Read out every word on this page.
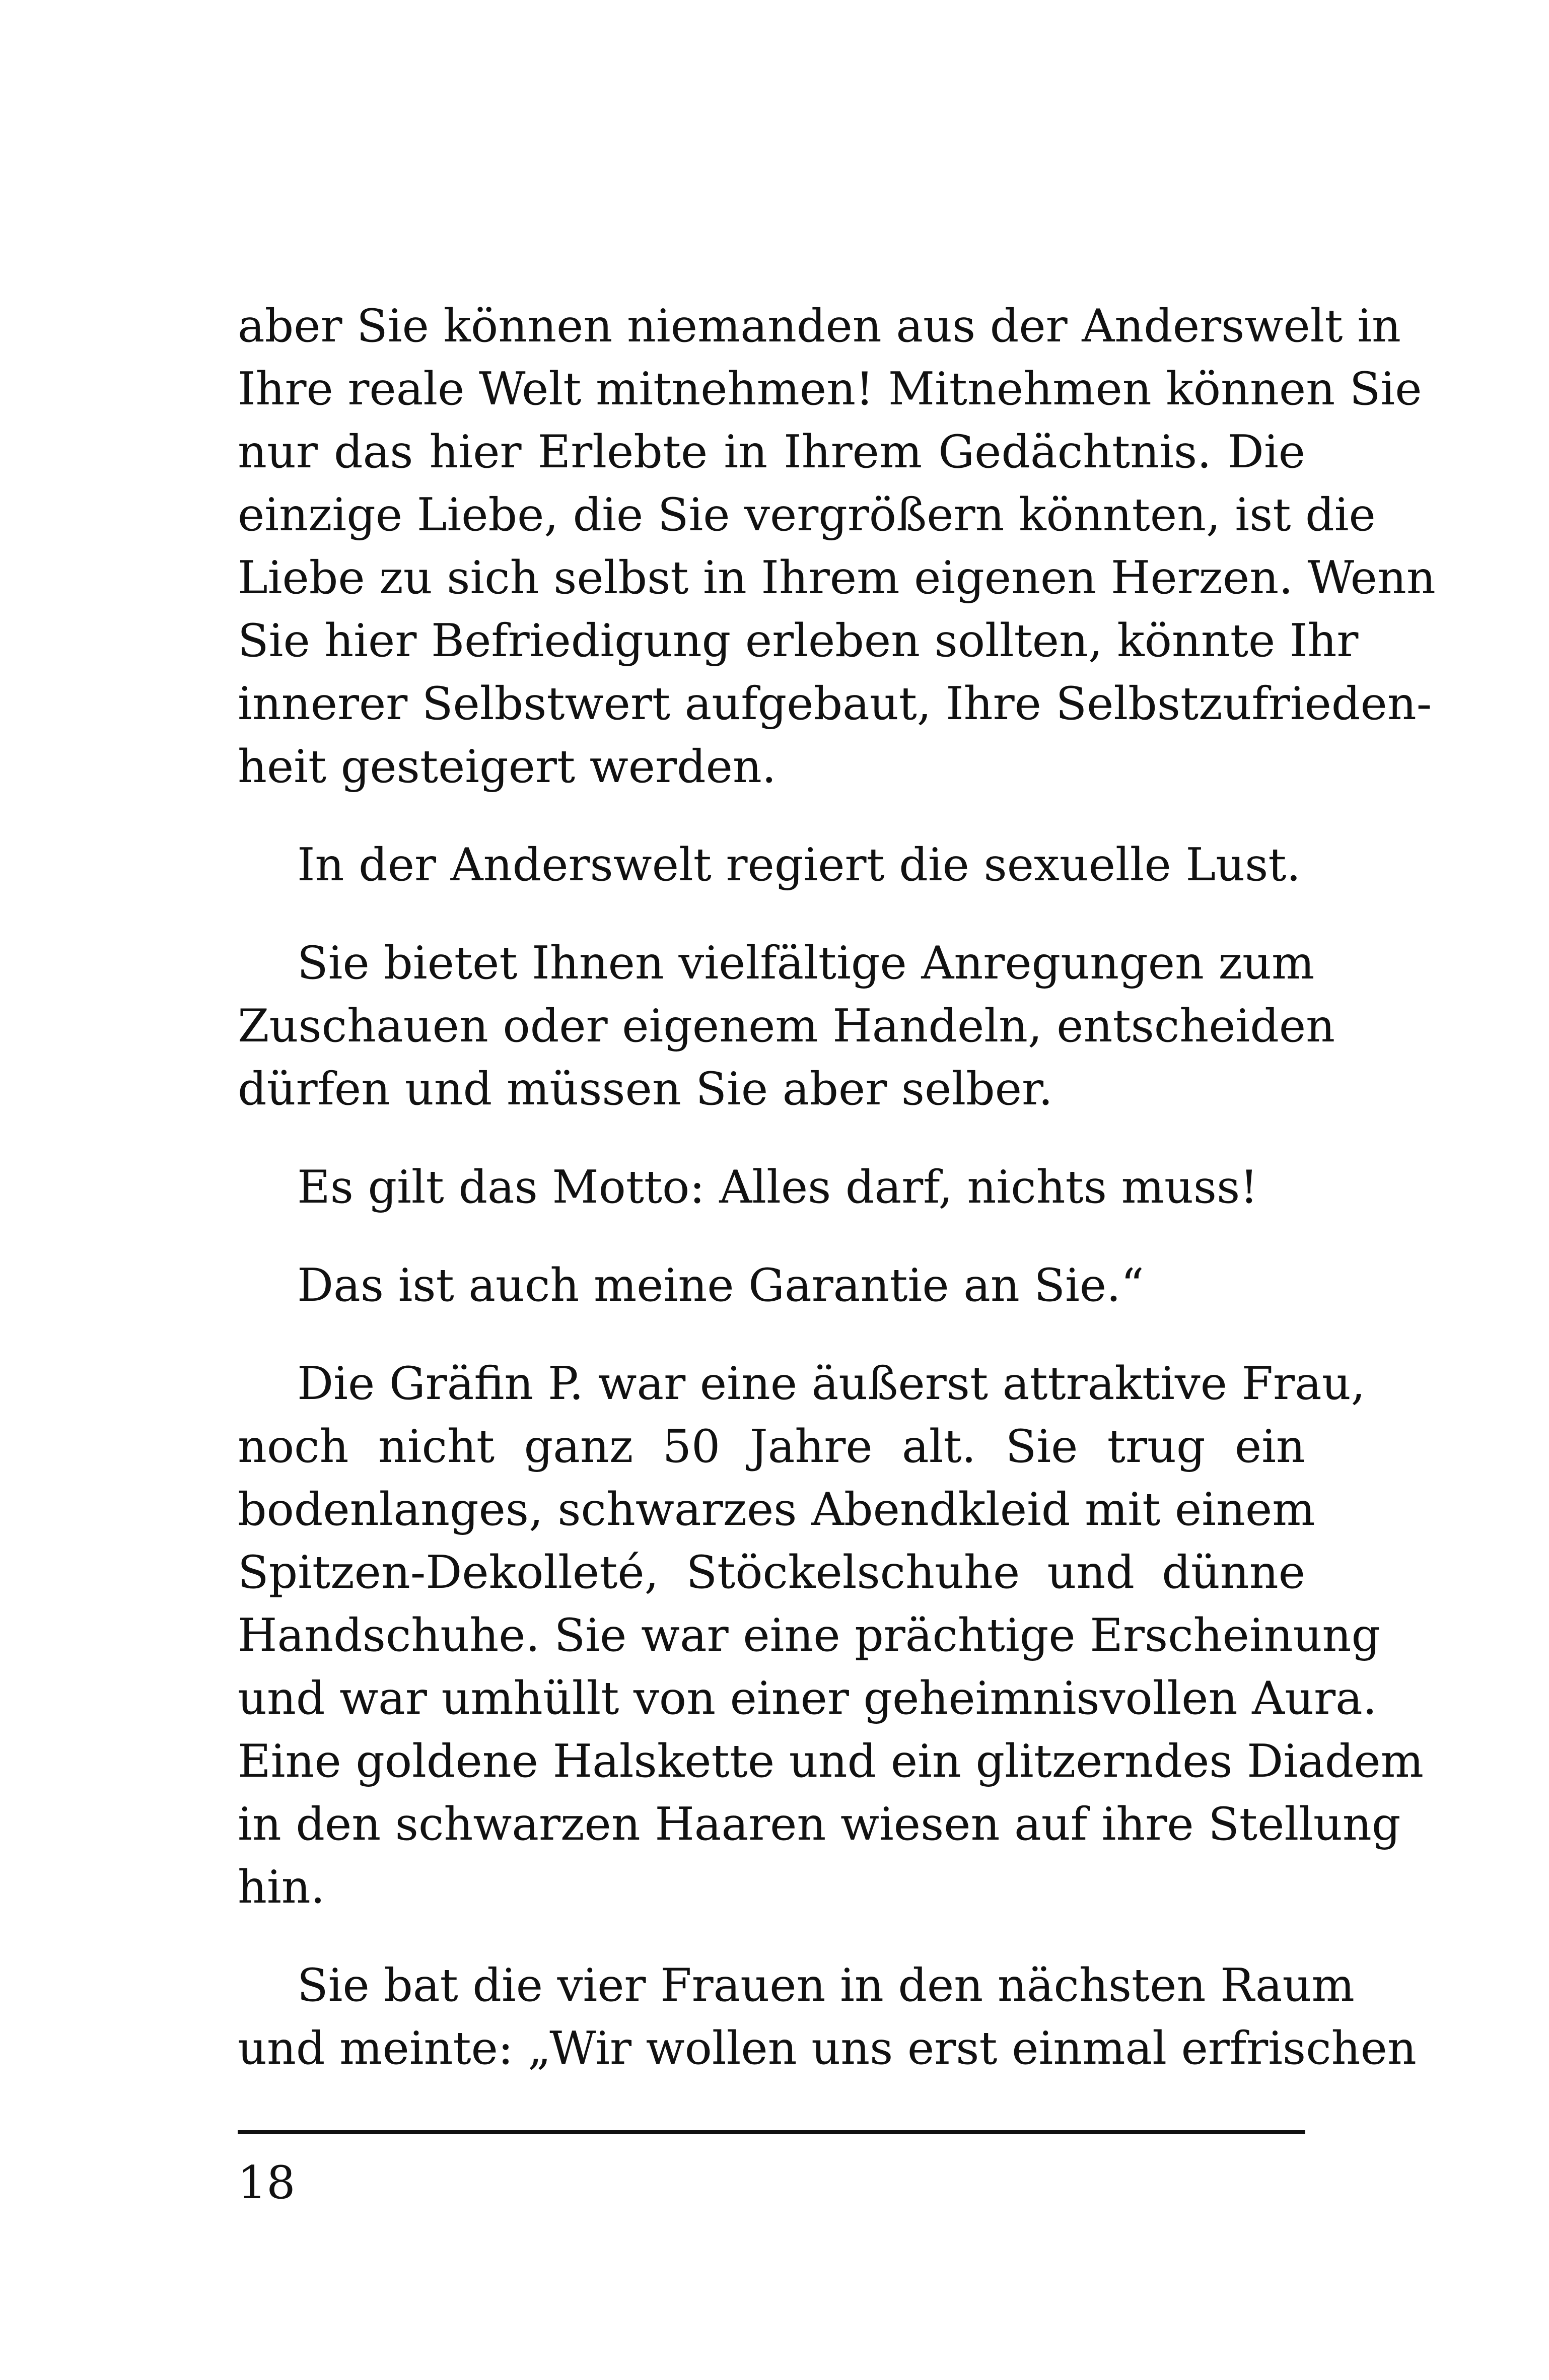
aber Sie können niemanden aus der Anderswelt in
Ihre reale Welt mitnehmen! Mitnehmen können Sie
nur das hier Erlebte in Ihrem Gedächtnis. Die
einzige Liebe, die Sie vergrößern könnten, ist die
Liebe zu sich selbst in Ihrem eigenen Herzen. Wenn
Sie hier Befriedigung erleben sollten, könnte Ihr
innerer Selbstwert aufgebaut, Ihre Selbstzufrieden-
heit gesteigert werden.

In der Anderswelt regiert die sexuelle Lust.

Sie bietet Ihnen vielfältige Anregungen zum
Zuschauen oder eigenem Handeln, entscheiden
dürfen und müssen Sie aber selber.

Es gilt das Motto: Alles darf, nichts muss!

Das ist auch meine Garantie an Sie.“

Die Gräfin P. war eine äußerst attraktive Frau,
noch nicht ganz 50 Jahre alt. Sie trug ein
bodenlanges, schwarzes Abendkleid mit einem
Spitzen-Dekolleté, Stöckelschuhe und dünne
Handschuhe. Sie war eine prächtige Erscheinung
und war umhüllt von einer geheimnisvollen Aura.
Eine goldene Halskette und ein glitzerndes Diadem
in den schwarzen Haaren wiesen auf ihre Stellung
hin.

Sie bat die vier Frauen in den nächsten Raum
und meinte: „Wir wollen uns erst einmal erfrischen

18
